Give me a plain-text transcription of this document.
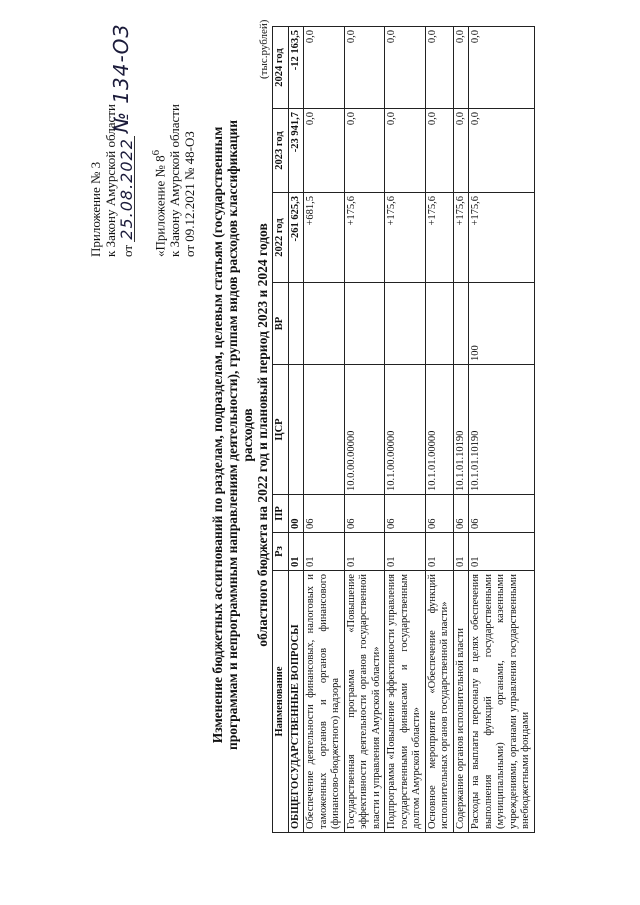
Приложение № 3 к Закону Амурской области от 25.08.2022 № 134-ОЗ
«Приложение № $8^6$ к Закону Амурской области от 09.12.2021 № 48-ОЗ Изменение бюджетных ассигнований по разделам, подразделам, целевым статьям (государственным программам и непрограммным направлениям деятельности), группам видов расходов классификации расходов областного бюджета на 2022 год и плановый период 2023 и 2024 годов
(тыс.рублей)
Наименование	Рз	ПР	ЦСР	ВР	2022 год	2023 год	2024 год
ОБЩЕГОСУДАРСТВЕННЫЕ ВОПРОСЫ	01	00			-261 625,3	-23 941,7	-12 163,5
Обеспечение деятельности финансовых, налоговых и таможенных органов и органов финансового (финансово-бюджетного) надзора	01	06			+681,5	0,0	0,0
Государственная программа «Повышение эффективности деятельности органов государственной власти и управления Амурской области»	01	06	10.0.00.00000		+175,6	0,0	0,0
Подпрограмма «Повышение эффективности управления государственными финансами и государственным долгом Амурской области»	01	06	10.1.00.00000		+175,6	0,0	0,0
Основное мероприятие «Обеспечение функций исполнительных органов государственной власти»	01	06	10.1.01.00000		+175,6	0,0	0,0
Содержание органов исполнительной власти	01	06	10.1.01.10190		+175,6	0,0	0,0
Расходы на выплаты персоналу в целях обеспечения выполнения функций государственными (муниципальными) органами, казенными учреждениями, органами управления государственными внебюджетными фондами	01	06	10.1.01.10190	100	+175,6	0,0	0,0
